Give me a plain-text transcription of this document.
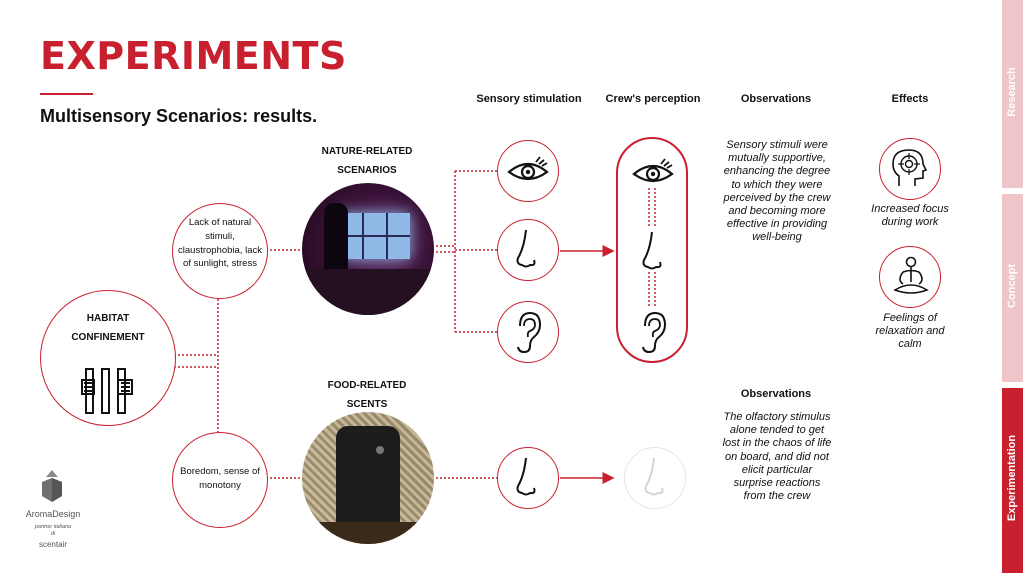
EXPERIMENTS
Multisensory Scenarios: results.
Sensory stimulation	Crew's perception	Observations	Effects
HABITAT
CONFINEMENT
Lack of natural stimuli, claustrophobia, lack of sunlight, stress
Boredom, sense of monotony
NATURE-RELATED
SCENARIOS
FOOD-RELATED
SCENTS
Sensory stimuli were mutually supportive, enhancing the degree to which they were perceived by the crew and becoming more effective in providing well-being
Observations
The olfactory stimulus alone tended to get lost in the chaos of life on board, and did not elicit particular surprise reactions from the crew
Increased focus during work
Feelings of relaxation and calm
AromaDesign
partner italiano
di
scentair
Research
Concept
Experimentation
